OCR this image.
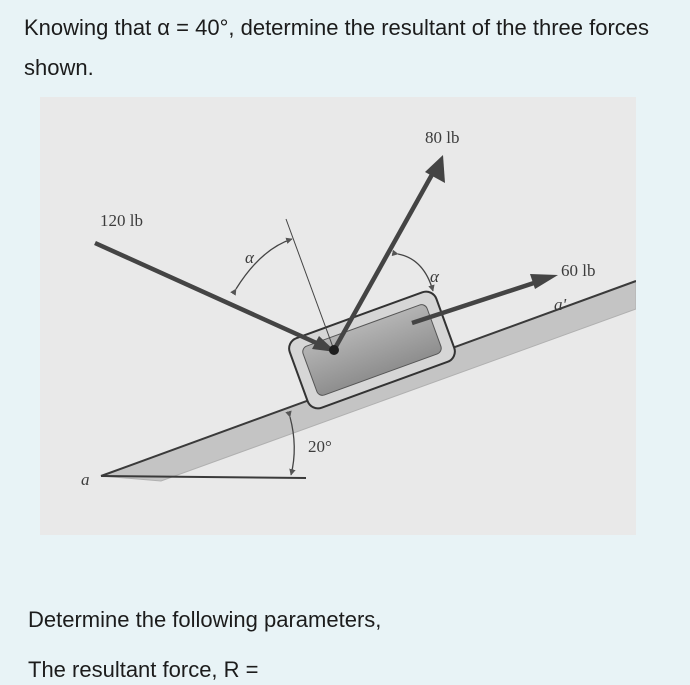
Knowing that α = 40°, determine the resultant of the three forces shown.

20°
α
α
120 lb
80 lb
60 lb
a
a'

Determine the following parameters,

The resultant force, R =
